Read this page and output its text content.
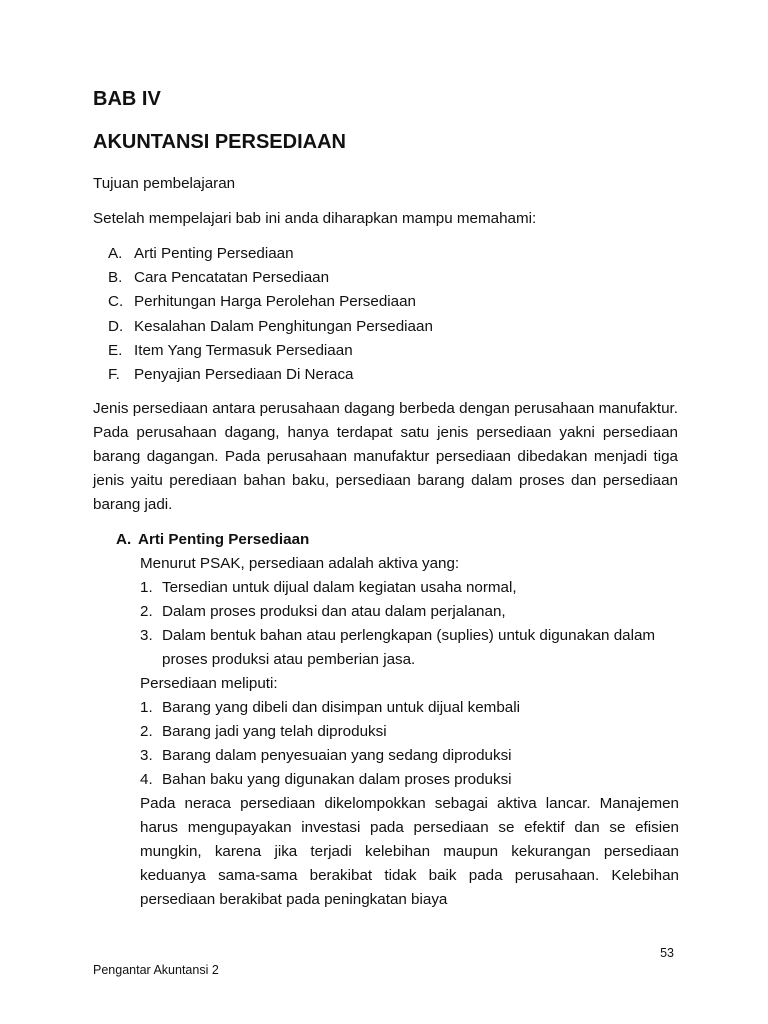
BAB IV
AKUNTANSI PERSEDIAAN

Tujuan pembelajaran

Setelah mempelajari bab ini anda diharapkan mampu memahami:

A. Arti Penting Persediaan
B. Cara Pencatatan Persediaan
C. Perhitungan Harga Perolehan Persediaan
D. Kesalahan Dalam Penghitungan Persediaan
E. Item Yang Termasuk Persediaan
F. Penyajian Persediaan Di Neraca

Jenis persediaan antara perusahaan dagang berbeda dengan perusahaan manufaktur. Pada perusahaan dagang, hanya terdapat satu jenis persediaan yakni persediaan barang dagangan. Pada perusahaan manufaktur persediaan dibedakan menjadi tiga jenis yaitu perediaan bahan baku, persediaan barang dalam proses dan persediaan barang jadi.

A. Arti Penting Persediaan

Menurut PSAK, persediaan adalah aktiva yang:

1. Tersedian untuk dijual dalam kegiatan usaha normal,
2. Dalam proses produksi dan atau dalam perjalanan,
3. Dalam bentuk bahan atau perlengkapan (suplies) untuk digunakan dalam proses produksi atau pemberian jasa.

Persediaan meliputi:

1. Barang yang dibeli dan disimpan untuk dijual kembali
2. Barang jadi yang telah diproduksi
3. Barang dalam penyesuaian yang sedang diproduksi
4. Bahan baku yang digunakan dalam proses produksi

Pada neraca persediaan dikelompokkan sebagai aktiva lancar. Manajemen harus mengupayakan investasi pada persediaan se efektif dan se efisien mungkin, karena jika terjadi kelebihan maupun kekurangan persediaan keduanya sama-sama berakibat tidak baik pada perusahaan. Kelebihan persediaan berakibat pada peningkatan biaya

53

Pengantar Akuntansi 2
